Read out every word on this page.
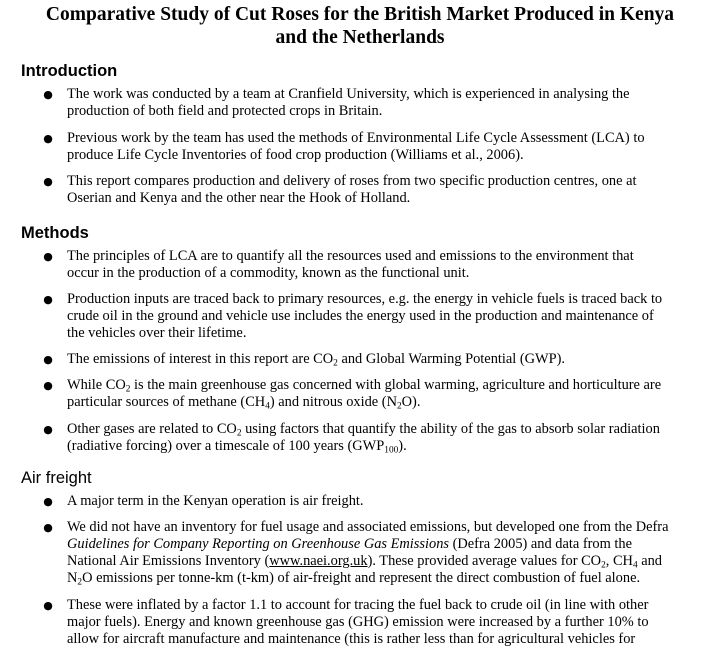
Comparative Study of Cut Roses for the British Market Produced in Kenya
and the Netherlands
Introduction
● The work was conducted by a team at Cranfield University, which is experienced in analysing the
production of both field and protected crops in Britain.
● Previous work by the team has used the methods of Environmental Life Cycle Assessment (LCA) to
produce Life Cycle Inventories of food crop production (Williams et al., 2006).
● This report compares production and delivery of roses from two specific production centres, one at
Oserian and Kenya and the other near the Hook of Holland.
Methods
● The principles of LCA are to quantify all the resources used and emissions to the environment that
occur in the production of a commodity, known as the functional unit.
● Production inputs are traced back to primary resources, e.g. the energy in vehicle fuels is traced back to
crude oil in the ground and vehicle use includes the energy used in the production and maintenance of
the vehicles over their lifetime.
● The emissions of interest in this report are $CO_2$ and Global Warming Potential (GWP).
● While $CO_2$ is the main greenhouse gas concerned with global warming, agriculture and horticulture are
particular sources of methane $(CH_4)$ and nitrous oxide $(N_2O)$.
● Other gases are related to $CO_2$ using factors that quantify the ability of the gas to absorb solar radiation
(radiative forcing) over a timescale of 100 years $(GWP_{100})$.
Air freight
● A major term in the Kenyan operation is air freight.
● We did not have an inventory for fuel usage and associated emissions, but developed one from the Defra
Guidelines for Company Reporting on Greenhouse Gas Emissions (Defra 2005) and data from the
National Air Emissions Inventory (www.naei.org.uk). These provided average values for $CO_2$, $CH_4$ and
$N_2O$ emissions per tonne-km (t-km) of air-freight and represent the direct combustion of fuel alone.
● These were inflated by a factor 1.1 to account for tracing the fuel back to crude oil (in line with other
major fuels). Energy and known greenhouse gas (GHG) emission were increased by a further 10% to
allow for aircraft manufacture and maintenance (this is rather less than for agricultural vehicles for
